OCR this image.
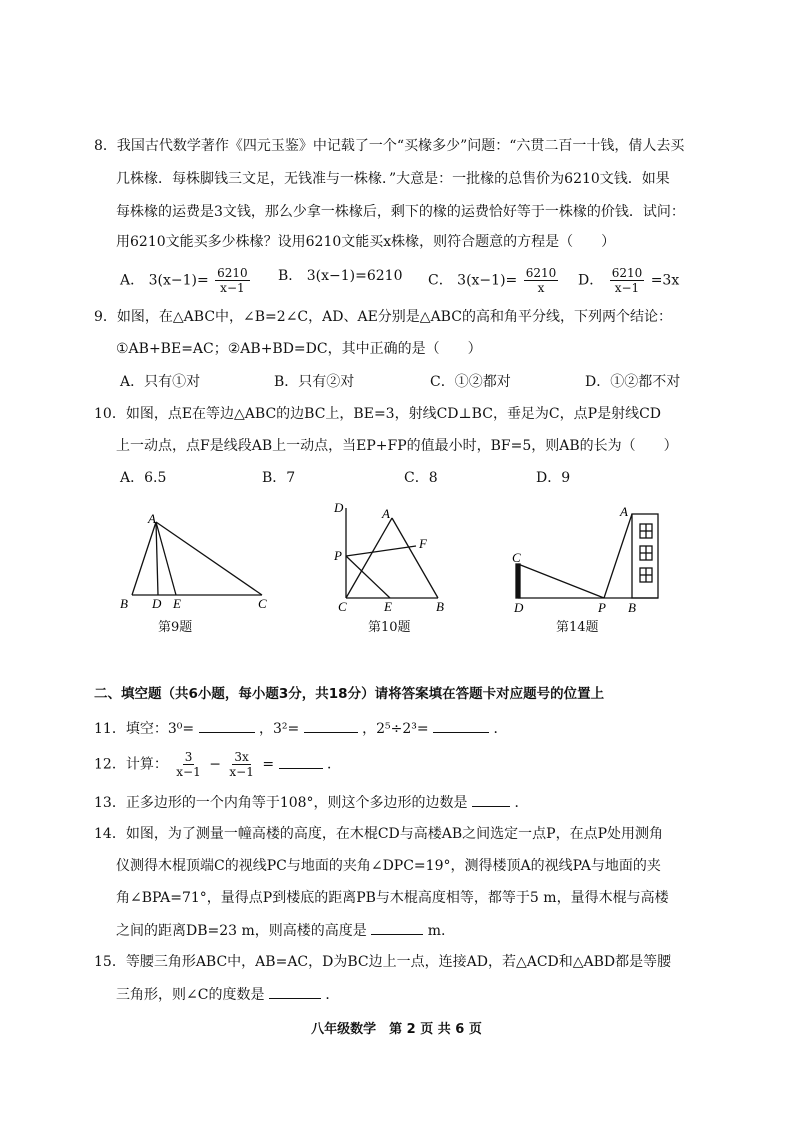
8．我国古代数学著作《四元玉鉴》中记载了一个“买椽多少”问题：“六贯二百一十钱，倩人去买
几株椽．每株脚钱三文足，无钱准与一株椽．”大意是：一批椽的总售价为6210文钱．如果
每株椽的运费是3文钱，那么少拿一株椽后，剩下的椽的运费恰好等于一株椽的价钱．试问：
用6210文能买多少株椽？设用6210文能买x株椽，则符合题意的方程是（　　）
A． $3(x-1)= \frac{6210}{x-1}$ B． 3(x−1)=6210 C． $3(x-1)= \frac{6210}{x}$ D． $\frac{6210}{x-1} =3x$
9．如图，在△ABC中，∠B=2∠C，AD、AE分别是△ABC的高和角平分线，下列两个结论：
①AB+BE=AC；②AB+BD=DC，其中正确的是（　　）
A．只有①对	B．只有②对	C．①②都对	D．①②都不对
10．如图，点E在等边△ABC的边BC上，BE=3，射线CD⊥BC，垂足为C，点P是射线CD
上一动点，点F是线段AB上一动点，当EP+FP的值最小时，BF=5，则AB的长为（　　）
A．6.5	B．7	C．8	D．9
A
B D E	C
第9题
D	A
F
P
C	E	B
第10题
A
C
D	P B
第14题
二、填空题（共6小题，每小题3分，共18分）请将答案填在答题卡对应题号的位置上
11．填空：3⁰=	，3²=	，2⁵÷2³=	．
12．计算： $\frac{3}{x-1} - \frac{3x}{x-1}$ =	．
13．正多边形的一个内角等于108°，则这个多边形的边数是	．
14．如图，为了测量一幢高楼的高度，在木棍CD与高楼AB之间选定一点P，在点P处用测角
仪测得木棍顶端C的视线PC与地面的夹角∠DPC=19°，测得楼顶A的视线PA与地面的夹
角∠BPA=71°，量得点P到楼底的距离PB与木棍高度相等，都等于5 m，量得木棍与高楼
之间的距离DB=23 m，则高楼的高度是	m.
15．等腰三角形ABC中，AB=AC，D为BC边上一点，连接AD，若△ACD和△ABD都是等腰
三角形，则∠C的度数是	．
八年级数学　第 2 页 共 6 页
